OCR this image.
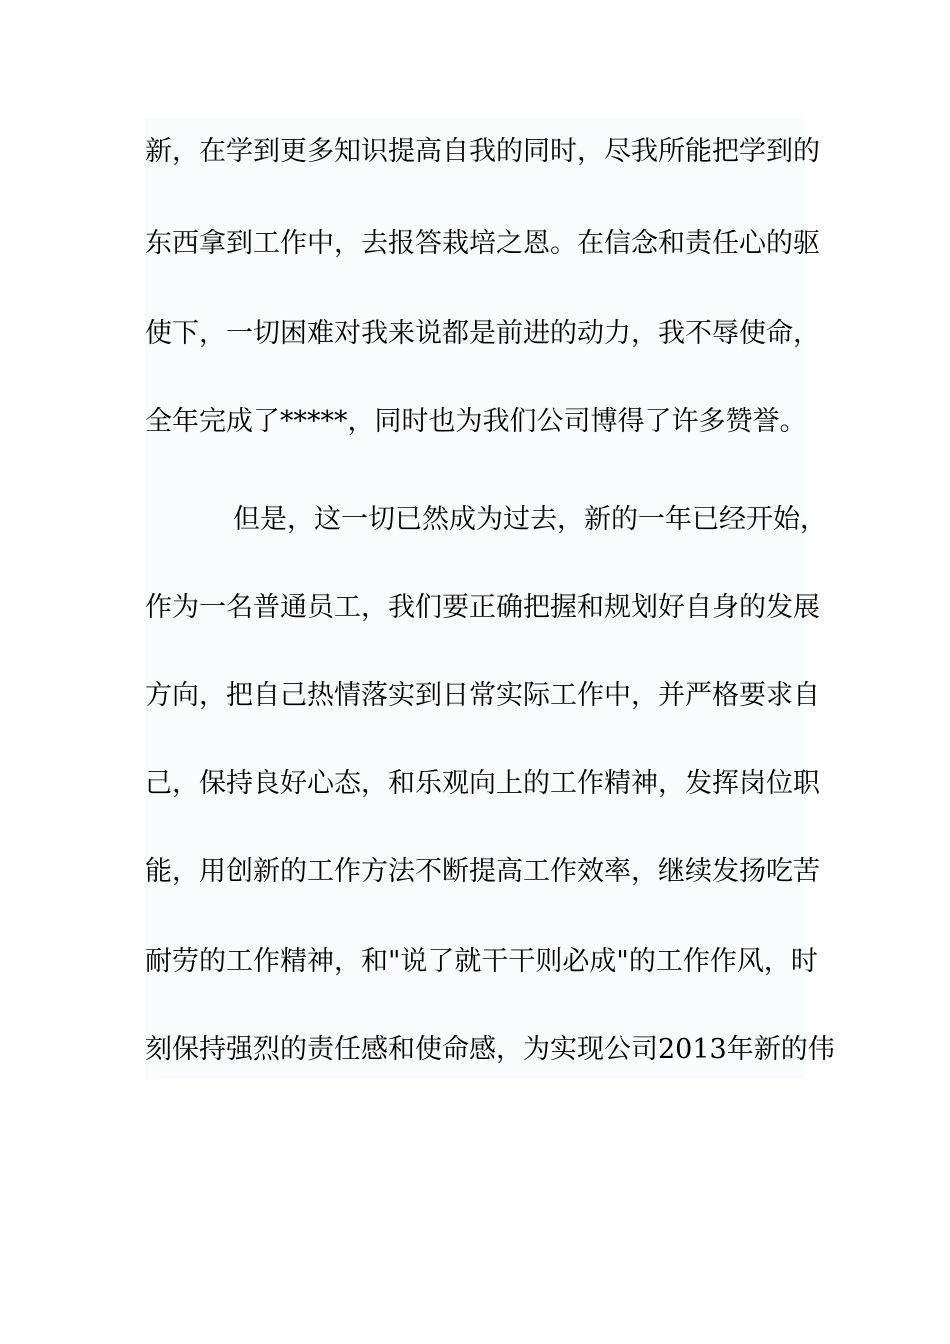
新，在学到更多知识提高自我的同时，尽我所能把学到的
东西拿到工作中，去报答栽培之恩。在信念和责任心的驱
使下，一切困难对我来说都是前进的动力，我不辱使命，
全年完成了*****，同时也为我们公司博得了许多赞誉。
但是，这一切已然成为过去，新的一年已经开始，
作为一名普通员工，我们要正确把握和规划好自身的发展
方向，把自己热情落实到日常实际工作中，并严格要求自
己，保持良好心态，和乐观向上的工作精神，发挥岗位职
能，用创新的工作方法不断提高工作效率，继续发扬吃苦
耐劳的工作精神，和"说了就干干则必成"的工作作风，时
刻保持强烈的责任感和使命感，为实现公司2013年新的伟
